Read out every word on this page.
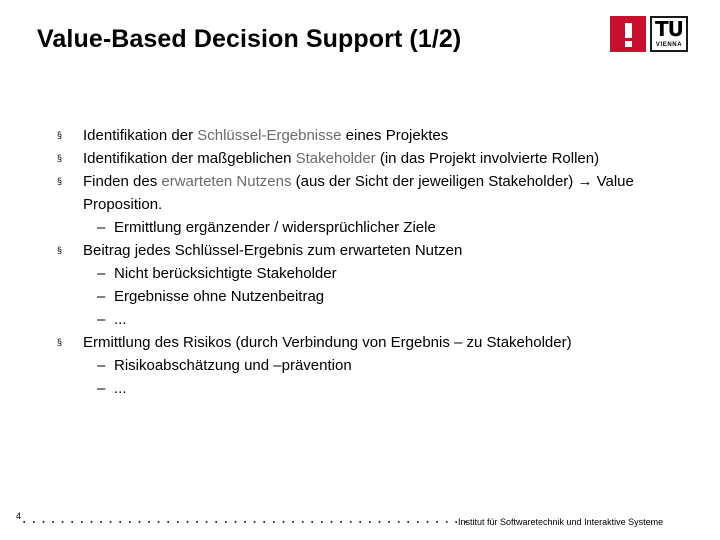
Value-Based Decision Support (1/2)	TU
VIENNA
§ Identifikation der Schlüssel-Ergebnisse eines Projektes
§ Identifikation der maßgeblichen Stakeholder (in das Projekt involvierte Rollen)
§ Finden des erwarteten Nutzens (aus der Sicht der jeweiligen Stakeholder) → Value
Proposition.
– Ermittlung ergänzender / widersprüchlicher Ziele
§ Beitrag jedes Schlüssel-Ergebnis zum erwarteten Nutzen
– Nicht berücksichtigte Stakeholder
– Ergebnisse ohne Nutzenbeitrag
– ...
§ Ermittlung des Risikos (durch Verbindung von Ergebnis – zu Stakeholder)
– Risikoabschätzung und –prävention
– ...
4
...............................................
Institut für Softwaretechnik und Interaktive Systeme
